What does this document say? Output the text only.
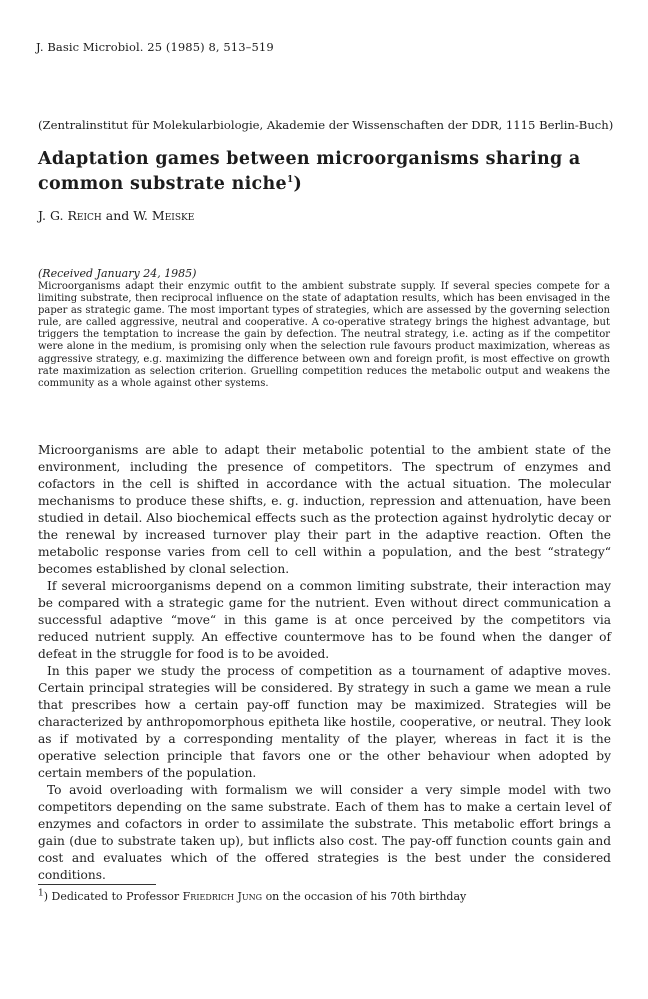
J. Basic Microbiol. 25 (1985) 8, 513–519
(Zentralinstitut für Molekularbiologie, Akademie der Wissenschaften der DDR, 1115 Berlin-Buch)
Adaptation games between microorganisms sharing a common substrate niche$^1$)
J. G. Reich and W. Meiske
(Received January 24, 1985)
Microorganisms adapt their enzymic outfit to the ambient substrate supply. If several species compete for a limiting substrate, then reciprocal influence on the state of adaptation results, which has been envisaged in the paper as strategic game. The most important types of strategies, which are assessed by the governing selection rule, are called aggressive, neutral and cooperative. A co-operative strategy brings the highest advantage, but triggers the temptation to increase the gain by defection. The neutral strategy, i.e. acting as if the competitor were alone in the medium, is promising only when the selection rule favours product maximization, whereas as aggressive strategy, e.g. maximizing the difference between own and foreign profit, is most effective on growth rate maximization as selection criterion. Gruelling competition reduces the metabolic output and weakens the community as a whole against other systems.

Microorganisms are able to adapt their metabolic potential to the ambient state of the environment, including the presence of competitors. The spectrum of enzymes and cofactors in the cell is shifted in accordance with the actual situation. The molecular mechanisms to produce these shifts, e. g. induction, repression and attenuation, have been studied in detail. Also biochemical effects such as the protection against hydrolytic decay or the renewal by increased turnover play their part in the adaptive reaction. Often the metabolic response varies from cell to cell within a population, and the best “strategy“ becomes established by clonal selection.

If several microorganisms depend on a common limiting substrate, their interaction may be compared with a strategic game for the nutrient. Even without direct communication a successful adaptive “move“ in this game is at once perceived by the competitors via reduced nutrient supply. An effective countermove has to be found when the danger of defeat in the struggle for food is to be avoided.

In this paper we study the process of competition as a tournament of adaptive moves. Certain principal strategies will be considered. By strategy in such a game we mean a rule that prescribes how a certain pay-off function may be maximized. Strategies will be characterized by anthropomorphous epitheta like hostile, cooperative, or neutral. They look as if motivated by a corresponding mentality of the player, whereas in fact it is the operative selection principle that favors one or the other behaviour when adopted by certain members of the population.

To avoid overloading with formalism we will consider a very simple model with two competitors depending on the same substrate. Each of them has to make a certain level of enzymes and cofactors in order to assimilate the substrate. This metabolic effort brings a gain (due to substrate taken up), but inflicts also cost. The pay-off function counts gain and cost and evaluates which of the offered strategies is the best under the considered conditions.

$^1$) Dedicated to Professor Friedrich Jung on the occasion of his 70th birthday
